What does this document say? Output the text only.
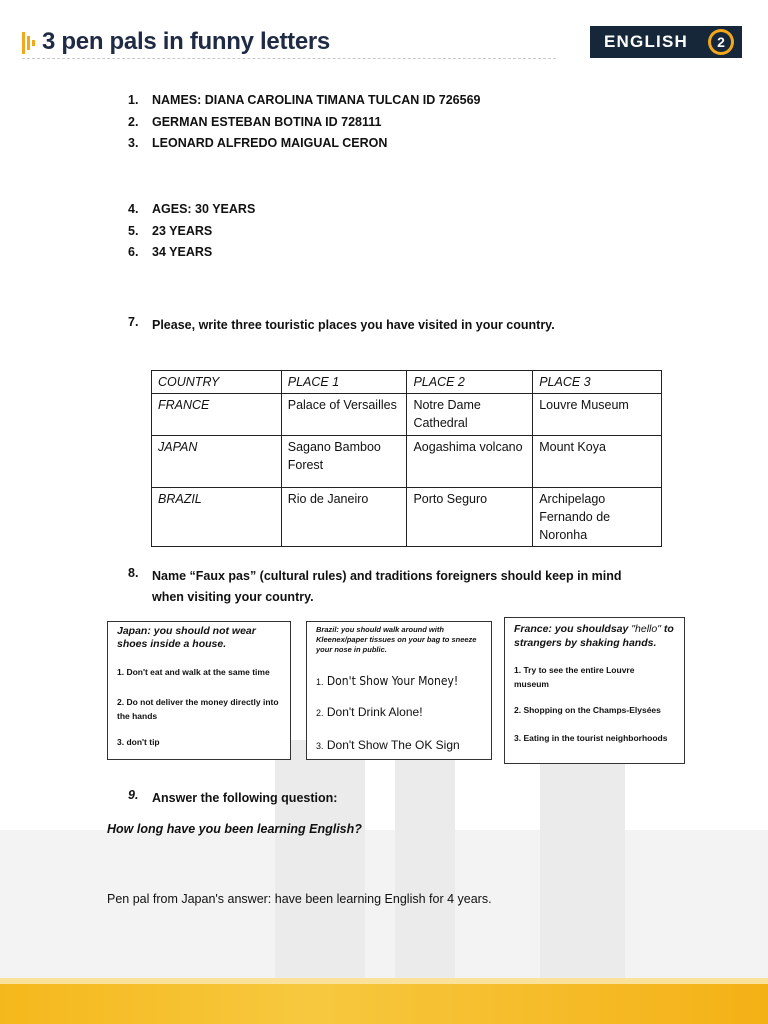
3 pen pals in funny letters	ENGLISH	2
1. NAMES: DIANA CAROLINA TIMANA TULCAN ID 726569
2. GERMAN ESTEBAN BOTINA ID 728111
3. LEONARD ALFREDO MAIGUAL CERON
4. AGES: 30 YEARS
5. 23 YEARS
6. 34 YEARS
7. Please, write three touristic places you have visited in your country.
COUNTRY	PLACE 1	PLACE 2	PLACE 3
FRANCE	Palace of Versailles	Notre Dame Cathedral	Louvre Museum
JAPAN	Sagano Bamboo Forest	Aogashima volcano	Mount Koya
BRAZIL	Rio de Janeiro	Porto Seguro	Archipelago Fernando de Noronha
8. Name “Faux pas” (cultural rules) and traditions foreigners should keep in mind when visiting your country.
Japan: you should not wear shoes inside a house.
1. Don't eat and walk at the same time
2. Do not deliver the money directly into the hands
3. don't tip
Brazil: you should walk around with Kleenex/paper tissues on your bag to sneeze your nose in public.
1. Don't Show Your Money!
2. Don't Drink Alone!
3. Don't Show The OK Sign
France: you shouldsay "hello" to strangers by shaking hands.
1. Try to see the entire Louvre museum
2. Shopping on the Champs-Elysées
3. Eating in the tourist neighborhoods
9. Answer the following question:
How long have you been learning English?
Pen pal from Japan's answer: have been learning English for 4 years.
